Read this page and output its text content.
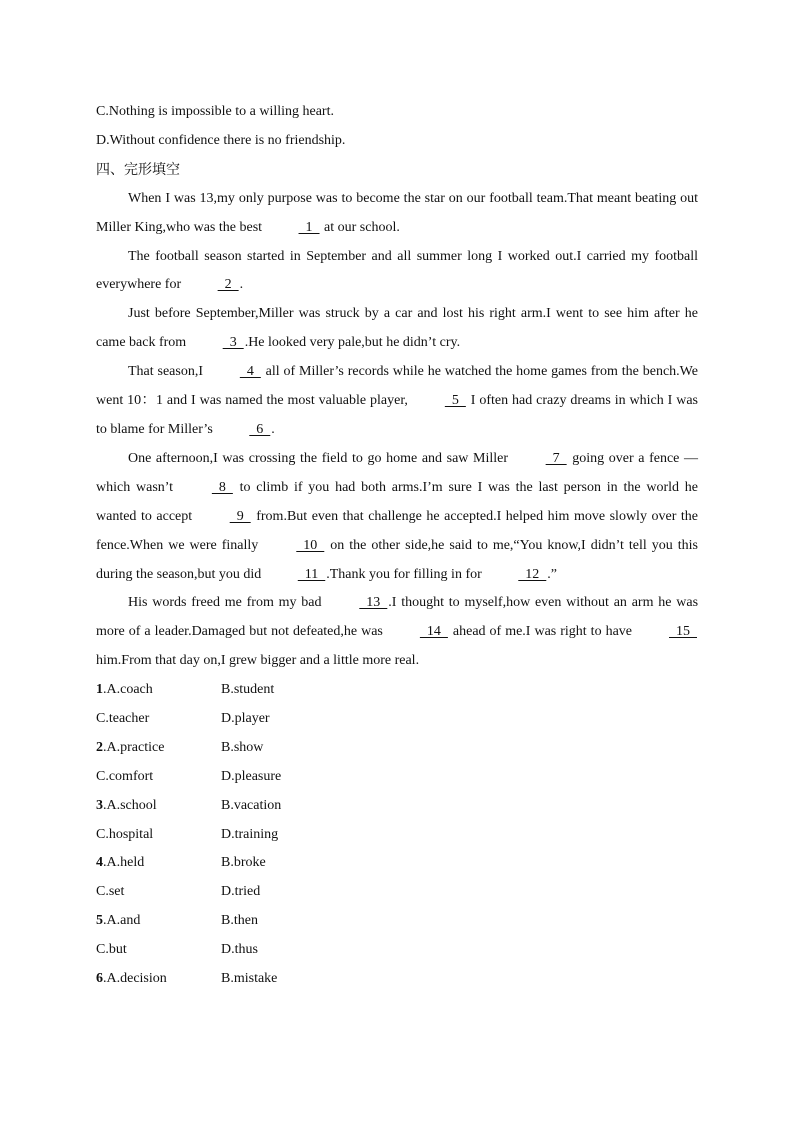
C.Nothing is impossible to a willing heart.
D.Without confidence there is no friendship.
四、完形填空
When I was 13,my only purpose was to become the star on our football team.That meant beating out Miller King,who was the best   1   at our school.
The football season started in September and all summer long I worked out.I carried my football everywhere for   2  .
Just before September,Miller was struck by a car and lost his right arm.I went to see him after he came back from   3  .He looked very pale,but he didn’t cry.
That season,I   4   all of Miller’s records while he watched the home games from the bench.We went 10：1 and I was named the most valuable player,   5   I often had crazy dreams in which I was to blame for Miller’s   6  .
One afternoon,I was crossing the field to go home and saw Miller   7   going over a fence —which wasn’t   8   to climb if you had both arms.I’m sure I was the last person in the world he wanted to accept   9   from.But even that challenge he accepted.I helped him move slowly over the fence.When we were finally   10   on the other side,he said to me,“You know,I didn’t tell you this during the season,but you did   11  .Thank you for filling in for   12  .”
His words freed me from my bad   13  .I thought to myself,how even without an arm he was more of a leader.Damaged but not defeated,he was   14   ahead of me.I was right to have   15   him.From that day on,I grew bigger and a little more real.
1.A.coach	B.student
C.teacher	D.player
2.A.practice	B.show
C.comfort	D.pleasure
3.A.school	B.vacation
C.hospital	D.training
4.A.held	B.broke
C.set	D.tried
5.A.and	B.then
C.but	D.thus
6.A.decision	B.mistake
